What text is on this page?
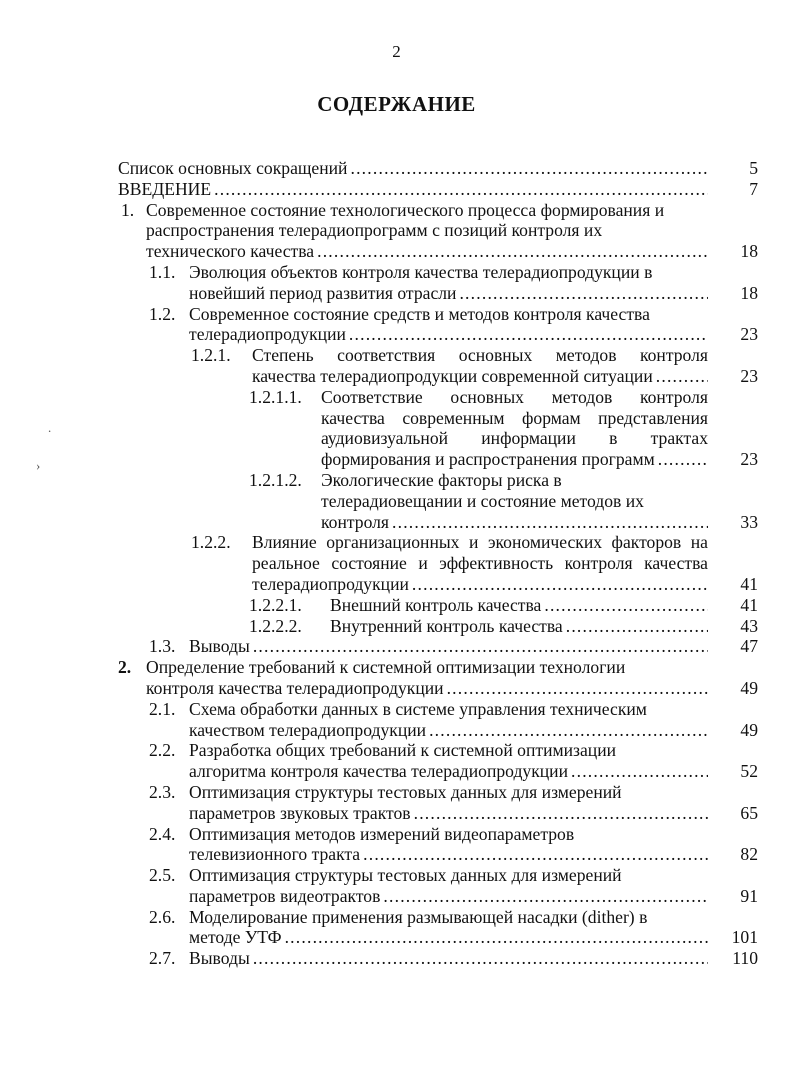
2
СОДЕРЖАНИЕ
.
›
Список основных сокращений . . .	5
ВВЕДЕНИЕ . . .	7
1. Современное состояние технологического процесса формирования и
распространения телерадиопрограмм с позиций контроля их
технического качества . . .	18
1.1. Эволюция объектов контроля качества телерадиопродукции в
новейший период развития отрасли . . .	18
1.2. Современное состояние средств и методов контроля качества
телерадиопродукции . . .	23
1.2.1. Степень соответствия основных методов контроля
качества телерадиопродукции современной ситуации . . .	23
1.2.1.1. Соответствие основных методов контроля
качества современным формам представления
аудиовизуальной информации в трактах
формирования и распространения программ . . .	23
1.2.1.2. Экологические факторы риска в
телерадиовещании и состояние методов их
контроля . . .	33
1.2.2. Влияние организационных и экономических факторов на
реальное состояние и эффективность контроля качества
телерадиопродукции . . .	41
1.2.2.1. Внешний контроль качества . . .	41
1.2.2.2. Внутренний контроль качества . . .	43
1.3. Выводы . . .	47
2. Определение требований к системной оптимизации технологии
контроля качества телерадиопродукции . . .	49
2.1. Схема обработки данных в системе управления техническим
качеством телерадиопродукции . . .	49
2.2. Разработка общих требований к системной оптимизации
алгоритма контроля качества телерадиопродукции . . .	52
2.3. Оптимизация структуры тестовых данных для измерений
параметров звуковых трактов . . .	65
2.4. Оптимизация методов измерений видеопараметров
телевизионного тракта . . .	82
2.5. Оптимизация структуры тестовых данных для измерений
параметров видеотрактов . . .	91
2.6. Моделирование применения размывающей насадки (dither) в
методе УТФ . . .	101
2.7. Выводы . . .	110
